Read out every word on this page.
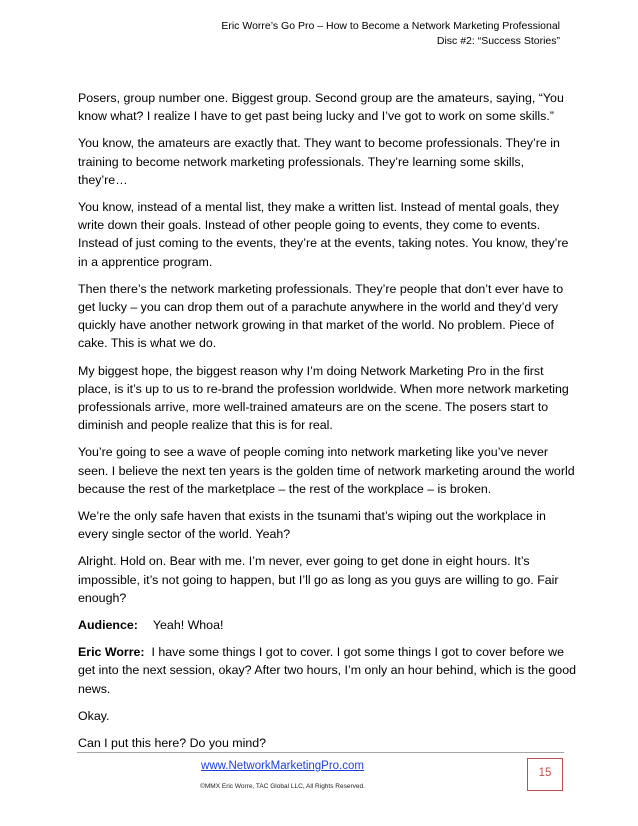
Eric Worre’s Go Pro – How to Become a Network Marketing Professional
Disc #2: “Success Stories”

Posers, group number one. Biggest group. Second group are the amateurs, saying, “You know what? I realize I have to get past being lucky and I’ve got to work on some skills.”

You know, the amateurs are exactly that. They want to become professionals. They’re in training to become network marketing professionals. They’re learning some skills, they’re…

You know, instead of a mental list, they make a written list. Instead of mental goals, they write down their goals. Instead of other people going to events, they come to events. Instead of just coming to the events, they’re at the events, taking notes. You know, they’re in a apprentice program.

Then there’s the network marketing professionals. They’re people that don’t ever have to get lucky – you can drop them out of a parachute anywhere in the world and they’d very quickly have another network growing in that market of the world. No problem. Piece of cake. This is what we do.

My biggest hope, the biggest reason why I’m doing Network Marketing Pro in the first place, is it’s up to us to re-brand the profession worldwide. When more network marketing professionals arrive, more well-trained amateurs are on the scene. The posers start to diminish and people realize that this is for real.

You’re going to see a wave of people coming into network marketing like you’ve never seen. I believe the next ten years is the golden time of network marketing around the world because the rest of the marketplace – the rest of the workplace – is broken.

We’re the only safe haven that exists in the tsunami that’s wiping out the workplace in every single sector of the world. Yeah?

Alright. Hold on. Bear with me. I’m never, ever going to get done in eight hours. It’s impossible, it’s not going to happen, but I’ll go as long as you guys are willing to go. Fair enough?

Audience: Yeah! Whoa!

Eric Worre: I have some things I got to cover. I got some things I got to cover before we get into the next session, okay? After two hours, I’m only an hour behind, which is the good news.

Okay.

Can I put this here? Do you mind?

www.NetworkMarketingPro.com
©MMX Eric Worre, TAC Global LLC, All Rights Reserved.
15
